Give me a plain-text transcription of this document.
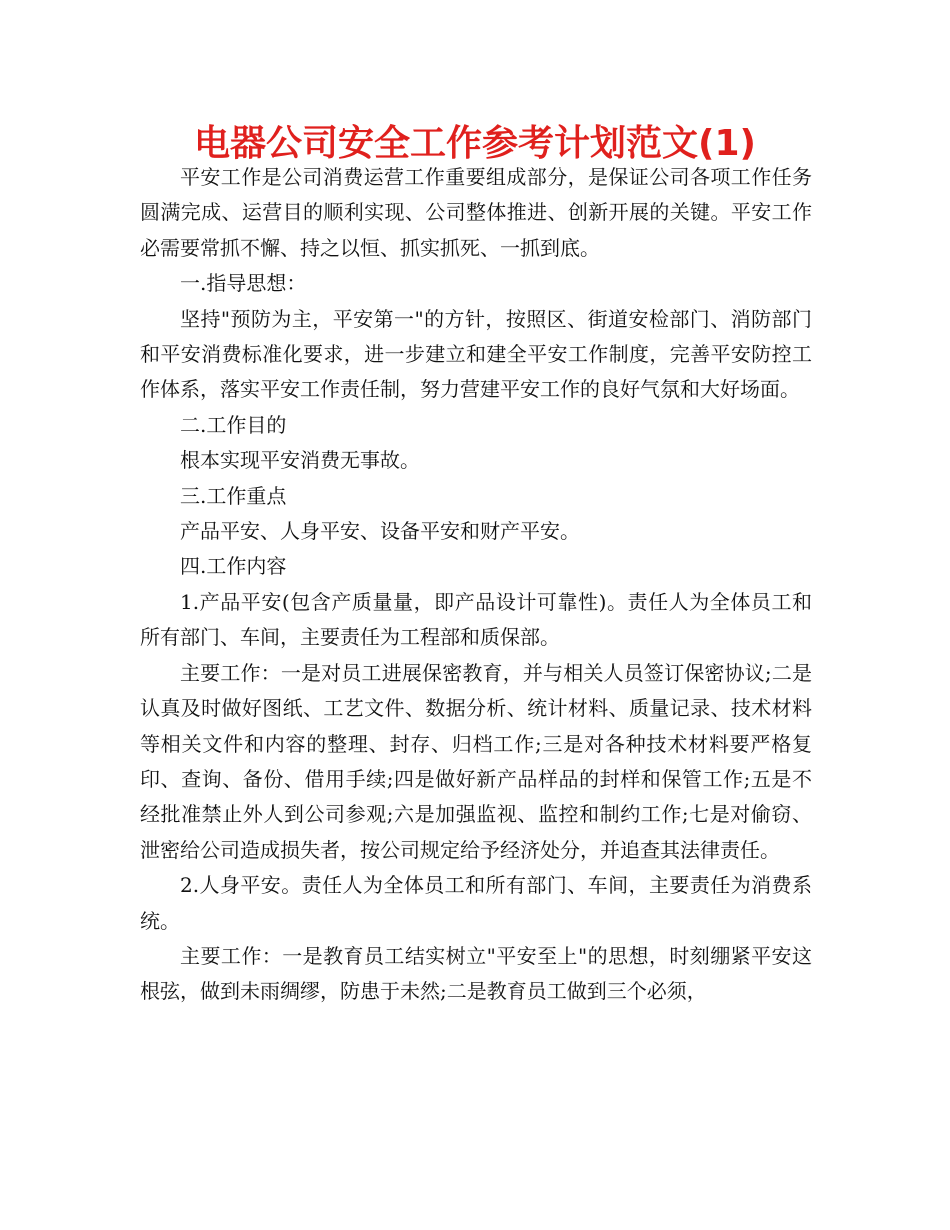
电器公司安全工作参考计划范文(1)

平安工作是公司消费运营工作重要组成部分，是保证公司各项工作任务圆满完成、运营目的顺利实现、公司整体推进、创新开展的关键。平安工作必需要常抓不懈、持之以恒、抓实抓死、一抓到底。

一.指导思想：

坚持"预防为主，平安第一"的方针，按照区、街道安检部门、消防部门和平安消费标准化要求，进一步建立和建全平安工作制度，完善平安防控工作体系，落实平安工作责任制，努力营建平安工作的良好气氛和大好场面。

二.工作目的

根本实现平安消费无事故。

三.工作重点

产品平安、人身平安、设备平安和财产平安。

四.工作内容

1.产品平安(包含产质量量，即产品设计可靠性)。责任人为全体员工和所有部门、车间，主要责任为工程部和质保部。

主要工作：一是对员工进展保密教育，并与相关人员签订保密协议;二是认真及时做好图纸、工艺文件、数据分析、统计材料、质量记录、技术材料等相关文件和内容的整理、封存、归档工作;三是对各种技术材料要严格复印、查询、备份、借用手续;四是做好新产品样品的封样和保管工作;五是不经批准禁止外人到公司参观;六是加强监视、监控和制约工作;七是对偷窃、泄密给公司造成损失者，按公司规定给予经济处分，并追查其法律责任。

2.人身平安。责任人为全体员工和所有部门、车间，主要责任为消费系统。

主要工作：一是教育员工结实树立"平安至上"的思想，时刻绷紧平安这根弦，做到未雨绸缪，防患于未然;二是教育员工做到三个必须，
